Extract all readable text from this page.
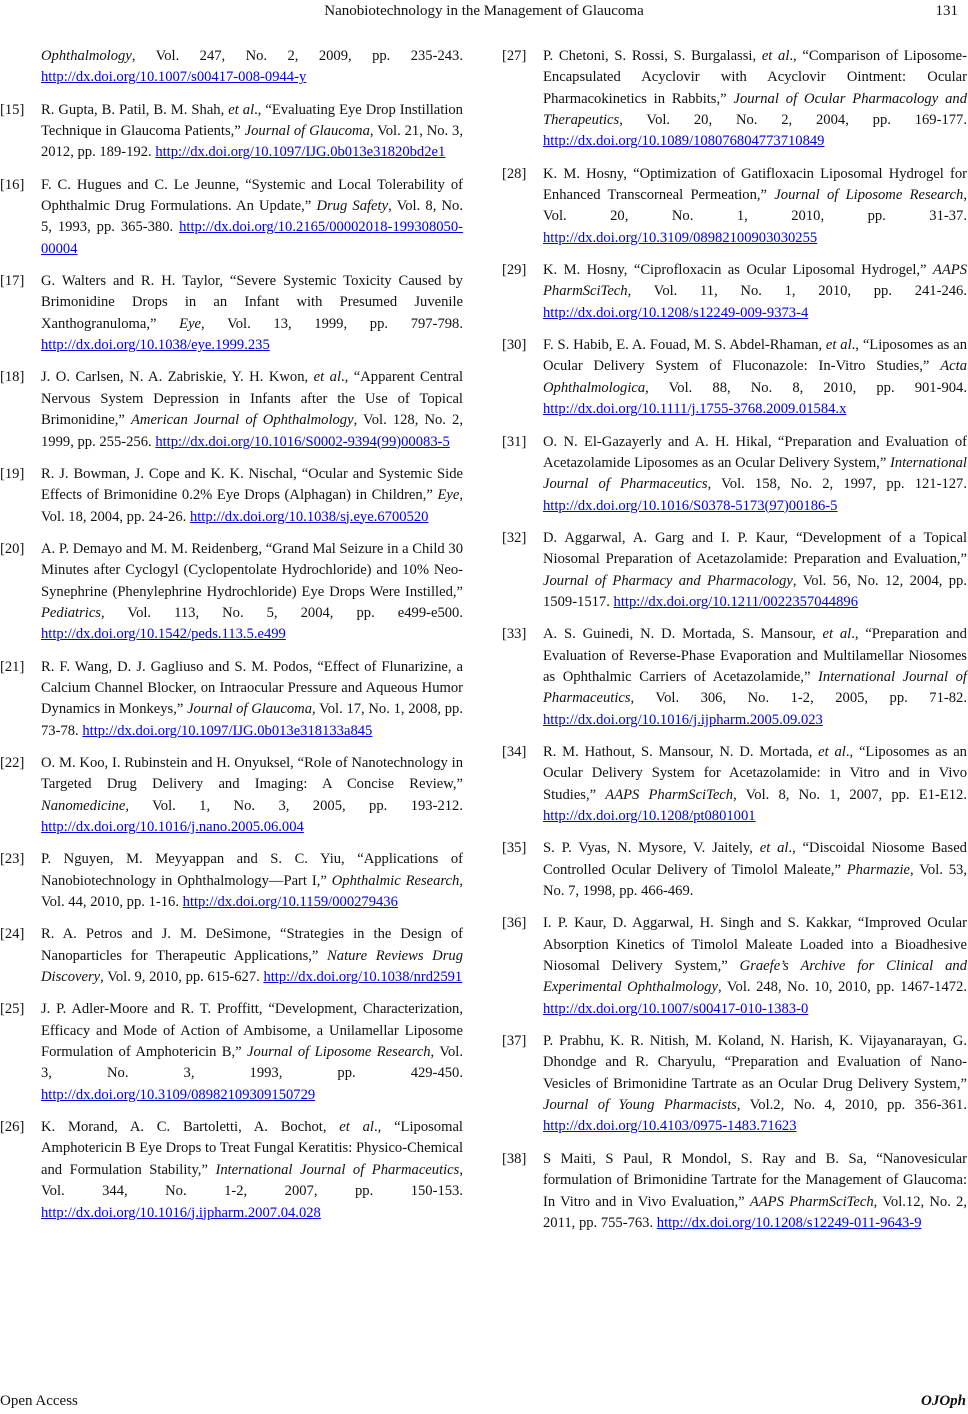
Nanobiotechnology in the Management of Glaucoma	131
Ophthalmology, Vol. 247, No. 2, 2009, pp. 235-243. http://dx.doi.org/10.1007/s00417-008-0944-y
[15] R. Gupta, B. Patil, B. M. Shah, et al., “Evaluating Eye Drop Instillation Technique in Glaucoma Patients,” Journal of Glaucoma, Vol. 21, No. 3, 2012, pp. 189-192. http://dx.doi.org/10.1097/IJG.0b013e31820bd2e1
[16] F. C. Hugues and C. Le Jeunne, “Systemic and Local Tolerability of Ophthalmic Drug Formulations. An Update,” Drug Safety, Vol. 8, No. 5, 1993, pp. 365-380. http://dx.doi.org/10.2165/00002018-199308050-00004
[17] G. Walters and R. H. Taylor, “Severe Systemic Toxicity Caused by Brimonidine Drops in an Infant with Presumed Juvenile Xanthogranuloma,” Eye, Vol. 13, 1999, pp. 797-798. http://dx.doi.org/10.1038/eye.1999.235
[18] J. O. Carlsen, N. A. Zabriskie, Y. H. Kwon, et al., “Apparent Central Nervous System Depression in Infants after the Use of Topical Brimonidine,” American Journal of Ophthalmology, Vol. 128, No. 2, 1999, pp. 255-256. http://dx.doi.org/10.1016/S0002-9394(99)00083-5
[19] R. J. Bowman, J. Cope and K. K. Nischal, “Ocular and Systemic Side Effects of Brimonidine 0.2% Eye Drops (Alphagan) in Children,” Eye, Vol. 18, 2004, pp. 24-26. http://dx.doi.org/10.1038/sj.eye.6700520
[20] A. P. Demayo and M. M. Reidenberg, “Grand Mal Seizure in a Child 30 Minutes after Cyclogyl (Cyclopentolate Hydrochloride) and 10% Neo-Synephrine (Phenylephrine Hydrochloride) Eye Drops Were Instilled,” Pediatrics, Vol. 113, No. 5, 2004, pp. e499-e500. http://dx.doi.org/10.1542/peds.113.5.e499
[21] R. F. Wang, D. J. Gagliuso and S. M. Podos, “Effect of Flunarizine, a Calcium Channel Blocker, on Intraocular Pressure and Aqueous Humor Dynamics in Monkeys,” Journal of Glaucoma, Vol. 17, No. 1, 2008, pp. 73-78. http://dx.doi.org/10.1097/IJG.0b013e318133a845
[22] O. M. Koo, I. Rubinstein and H. Onyuksel, “Role of Nanotechnology in Targeted Drug Delivery and Imaging: A Concise Review,” Nanomedicine, Vol. 1, No. 3, 2005, pp. 193-212. http://dx.doi.org/10.1016/j.nano.2005.06.004
[23] P. Nguyen, M. Meyyappan and S. C. Yiu, “Applications of Nanobiotechnology in Ophthalmology—Part I,” Ophthalmic Research, Vol. 44, 2010, pp. 1-16. http://dx.doi.org/10.1159/000279436
[24] R. A. Petros and J. M. DeSimone, “Strategies in the Design of Nanoparticles for Therapeutic Applications,” Nature Reviews Drug Discovery, Vol. 9, 2010, pp. 615-627. http://dx.doi.org/10.1038/nrd2591
[25] J. P. Adler-Moore and R. T. Proffitt, “Development, Characterization, Efficacy and Mode of Action of Ambisome, a Unilamellar Liposome Formulation of Amphotericin B,” Journal of Liposome Research, Vol. 3, No. 3, 1993, pp. 429-450. http://dx.doi.org/10.3109/08982109309150729
[26] K. Morand, A. C. Bartoletti, A. Bochot, et al., “Liposomal Amphotericin B Eye Drops to Treat Fungal Keratitis: Physico-Chemical and Formulation Stability,” International Journal of Pharmaceutics, Vol. 344, No. 1-2, 2007, pp. 150-153. http://dx.doi.org/10.1016/j.ijpharm.2007.04.028
[27] P. Chetoni, S. Rossi, S. Burgalassi, et al., “Comparison of Liposome-Encapsulated Acyclovir with Acyclovir Ointment: Ocular Pharmacokinetics in Rabbits,” Journal of Ocular Pharmacology and Therapeutics, Vol. 20, No. 2, 2004, pp. 169-177. http://dx.doi.org/10.1089/108076804773710849
[28] K. M. Hosny, “Optimization of Gatifloxacin Liposomal Hydrogel for Enhanced Transcorneal Permeation,” Journal of Liposome Research, Vol. 20, No. 1, 2010, pp. 31-37. http://dx.doi.org/10.3109/08982100903030255
[29] K. M. Hosny, “Ciprofloxacin as Ocular Liposomal Hydrogel,” AAPS PharmSciTech, Vol. 11, No. 1, 2010, pp. 241-246. http://dx.doi.org/10.1208/s12249-009-9373-4
[30] F. S. Habib, E. A. Fouad, M. S. Abdel-Rhaman, et al., “Liposomes as an Ocular Delivery System of Fluconazole: In-Vitro Studies,” Acta Ophthalmologica, Vol. 88, No. 8, 2010, pp. 901-904. http://dx.doi.org/10.1111/j.1755-3768.2009.01584.x
[31] O. N. El-Gazayerly and A. H. Hikal, “Preparation and Evaluation of Acetazolamide Liposomes as an Ocular Delivery System,” International Journal of Pharmaceutics, Vol. 158, No. 2, 1997, pp. 121-127. http://dx.doi.org/10.1016/S0378-5173(97)00186-5
[32] D. Aggarwal, A. Garg and I. P. Kaur, “Development of a Topical Niosomal Preparation of Acetazolamide: Preparation and Evaluation,” Journal of Pharmacy and Pharmacology, Vol. 56, No. 12, 2004, pp. 1509-1517. http://dx.doi.org/10.1211/0022357044896
[33] A. S. Guinedi, N. D. Mortada, S. Mansour, et al., “Preparation and Evaluation of Reverse-Phase Evaporation and Multilamellar Niosomes as Ophthalmic Carriers of Acetazolamide,” International Journal of Pharmaceutics, Vol. 306, No. 1-2, 2005, pp. 71-82. http://dx.doi.org/10.1016/j.ijpharm.2005.09.023
[34] R. M. Hathout, S. Mansour, N. D. Mortada, et al., “Liposomes as an Ocular Delivery System for Acetazolamide: in Vitro and in Vivo Studies,” AAPS PharmSciTech, Vol. 8, No. 1, 2007, pp. E1-E12. http://dx.doi.org/10.1208/pt0801001
[35] S. P. Vyas, N. Mysore, V. Jaitely, et al., “Discoidal Niosome Based Controlled Ocular Delivery of Timolol Maleate,” Pharmazie, Vol. 53, No. 7, 1998, pp. 466-469.
[36] I. P. Kaur, D. Aggarwal, H. Singh and S. Kakkar, “Improved Ocular Absorption Kinetics of Timolol Maleate Loaded into a Bioadhesive Niosomal Delivery System,” Graefe’s Archive for Clinical and Experimental Ophthalmology, Vol. 248, No. 10, 2010, pp. 1467-1472. http://dx.doi.org/10.1007/s00417-010-1383-0
[37] P. Prabhu, K. R. Nitish, M. Koland, N. Harish, K. Vijayanarayan, G. Dhondge and R. Charyulu, “Preparation and Evaluation of Nano-Vesicles of Brimonidine Tartrate as an Ocular Drug Delivery System,” Journal of Young Pharmacists, Vol.2, No. 4, 2010, pp. 356-361. http://dx.doi.org/10.4103/0975-1483.71623
[38] S Maiti, S Paul, R Mondol, S. Ray and B. Sa, “Nanovesicular formulation of Brimonidine Tartrate for the Management of Glaucoma: In Vitro and in Vivo Evaluation,” AAPS PharmSciTech, Vol.12, No. 2, 2011, pp. 755-763. http://dx.doi.org/10.1208/s12249-011-9643-9
Open Access	OJOph
